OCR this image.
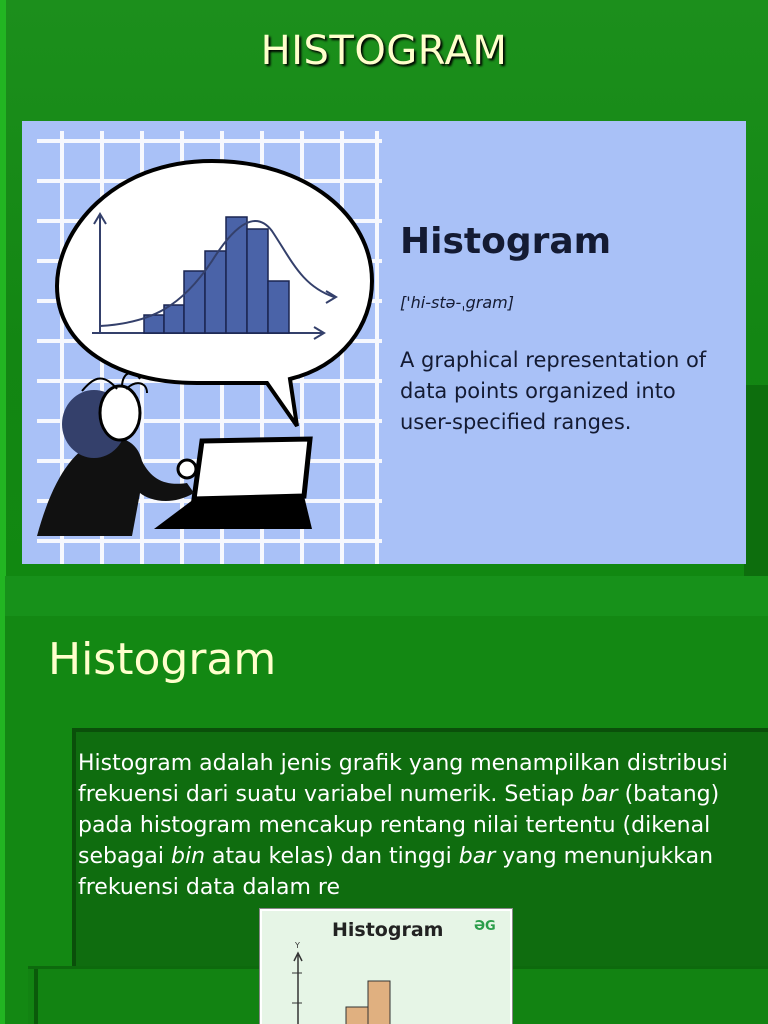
HISTOGRAM
Histogram
['hi-stə-ˌgram]
A graphical representation of data points organized into user-specified ranges.
Histogram
Histogram adalah jenis grafik yang menampilkan distribusi frekuensi dari suatu variabel numerik. Setiap bar (batang) pada histogram mencakup rentang nilai tertentu (dikenal sebagai bin atau kelas) dan tinggi bar yang menunjukkan frekuensi data dalam re
Histogram ƏG
Y
